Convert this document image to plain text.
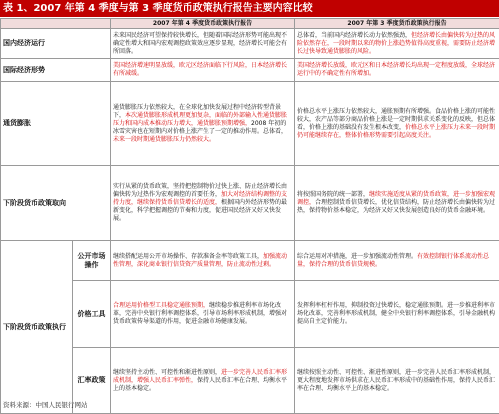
表 1、2007 年第 4 季度与第 3 季度货币政策执行报告主要内容比较
		2007 年第 4 季度货币政策执行报告	2007 年第 3 季度货币政策执行报告
国内经济运行		未来国民经济可望保持较快增长，但随着国际经济形势可能出现不确定性增大和国内宏观调控政策效应逐步显现，经济增长可能会有所回落。	总体看，当前国内经济增长动力依然强劲，但经济增长由偏快转为过热的风险依然存在，一段时期以来的物价上涨趋势值得高度重视，需要防止经济增长过快导致通货膨胀的风险。
国际经济形势		美国经济增速明显放缓，欧元区经济面临下行风险，日本经济增长有所减缓。	美国经济增长放缓，欧元区和日本经济增长均出现一定程度放缓，全球经济运行中的不确定性有所增加。
通货膨胀		通货膨胀压力依然较大，在全球化加快发展过程中经济转型背景下，本次通货膨胀形成机理更加复杂，面临的外部输入性通货膨胀压力和国内成本推动压力增大，通货膨胀预期增强，2008 年初的冰雪灾害也在短期内对价格上涨产生了一定的推动作用。总体看，未来一段时期通货膨胀压力仍然较大。	价格总水平上涨压力依然较大，通胀预期有所增强。食品价格上涨的可能性较大，农产品等部分商品价格上涨是一定时期供求关系变化的反映，但总体看，价格上涨的基础没有发生根本改变，价格总水平上涨压力未来一段时期仍可能继续存在，整体价格形势需要引起高度关注。
下阶段货币政策取向		实行从紧的货币政策，坚持把控制物价过快上涨、防止经济增长由偏快转为过热作为宏观调控的首要任务，加大对经济结构调整的支持力度，继续保持货币信贷增长的适度，根据国内外经济形势的最新变化，科学把握调控的节奏和力度，促进国民经济又好又快发展。	将按照国务院的统一部署，继续实施适度从紧的货币政策，进一步加强宏观调控，合理控制货币信贷增长，优化信贷结构，防止经济增长由偏快转为过热，保持物价基本稳定，为经济又好又快发展创造良好的货币金融环境。
下阶段货币政策执行	公开市场操作	继续搭配运用公开市场操作、存款准备金率等政策工具，加强流动性管理，深化商业银行信贷资产质量管理，防止流动性过剩。	综合运用对冲措施，进一步加强流动性管理。有效控制银行体系流动性总量，保持合理的货币信贷规模。
	价格工具	合理运用价格型工具稳定通胀预期，继续稳步推进利率市场化改革，完善中央银行利率调控体系，引导市场利率形成机制，增强对货币政策传导渠道的作用，促进金融市场健康发展。	发挥利率杠杆作用，抑制投资过快增长，稳定通胀预期。进一步推进利率市场化改革，完善利率形成机制，健全中央银行利率调控体系，引导金融机构提高自主定价能力。
	汇率政策	继续坚持主动性、可控性和渐进性原则，进一步完善人民币汇率形成机制，增强人民币汇率弹性，保持人民币汇率在合理、均衡水平上的基本稳定。	继续按照主动性、可控性、渐进性原则，进一步完善人民币汇率形成机制，更大程度地发挥市场供求在人民币汇率形成中的基础性作用，保持人民币汇率在合理、均衡水平上的基本稳定。
资料来源：中国人民银行网站
